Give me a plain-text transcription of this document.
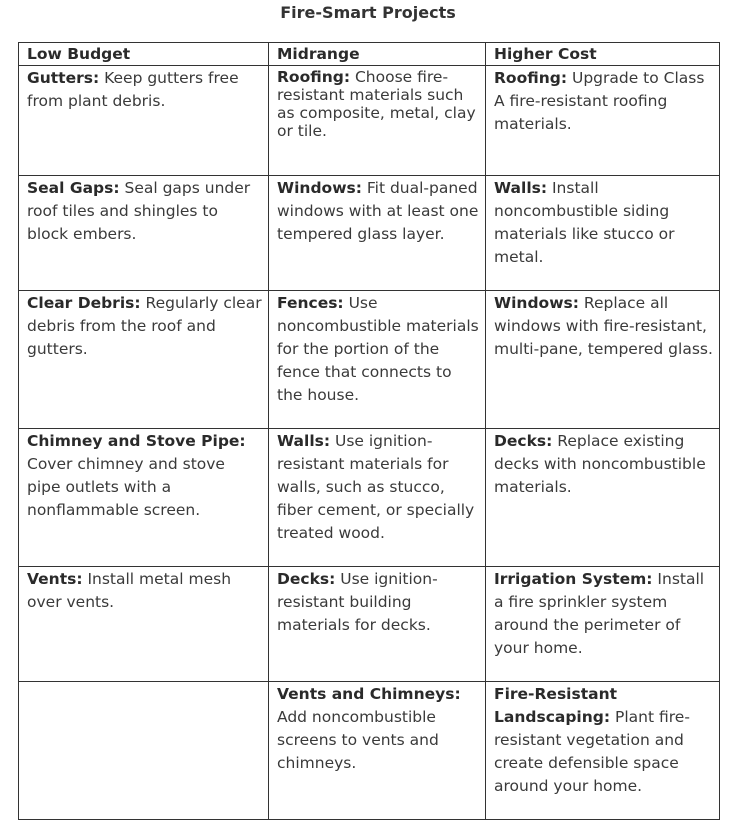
Fire-Smart Projects
Low Budget	Midrange	Higher Cost
Gutters: Keep gutters free from plant debris.	Roofing: Choose fire-resistant materials such as composite, metal, clay or tile.	Roofing: Upgrade to Class A fire-resistant roofing materials.
Seal Gaps: Seal gaps under roof tiles and shingles to block embers.	Windows: Fit dual-paned windows with at least one tempered glass layer.	Walls: Install noncombustible siding materials like stucco or metal.
Clear Debris: Regularly clear debris from the roof and gutters.	Fences: Use noncombustible materials for the portion of the fence that connects to the house.	Windows: Replace all windows with fire-resistant, multi-pane, tempered glass.
Chimney and Stove Pipe: Cover chimney and stove pipe outlets with a nonflammable screen.	Walls: Use ignition-resistant materials for walls, such as stucco, fiber cement, or specially treated wood.	Decks: Replace existing decks with noncombustible materials.
Vents: Install metal mesh over vents.	Decks: Use ignition-resistant building materials for decks.	Irrigation System: Install a fire sprinkler system around the perimeter of your home.
	Vents and Chimneys: Add noncombustible screens to vents and chimneys.	Fire-Resistant Landscaping: Plant fire-resistant vegetation and create defensible space around your home.
